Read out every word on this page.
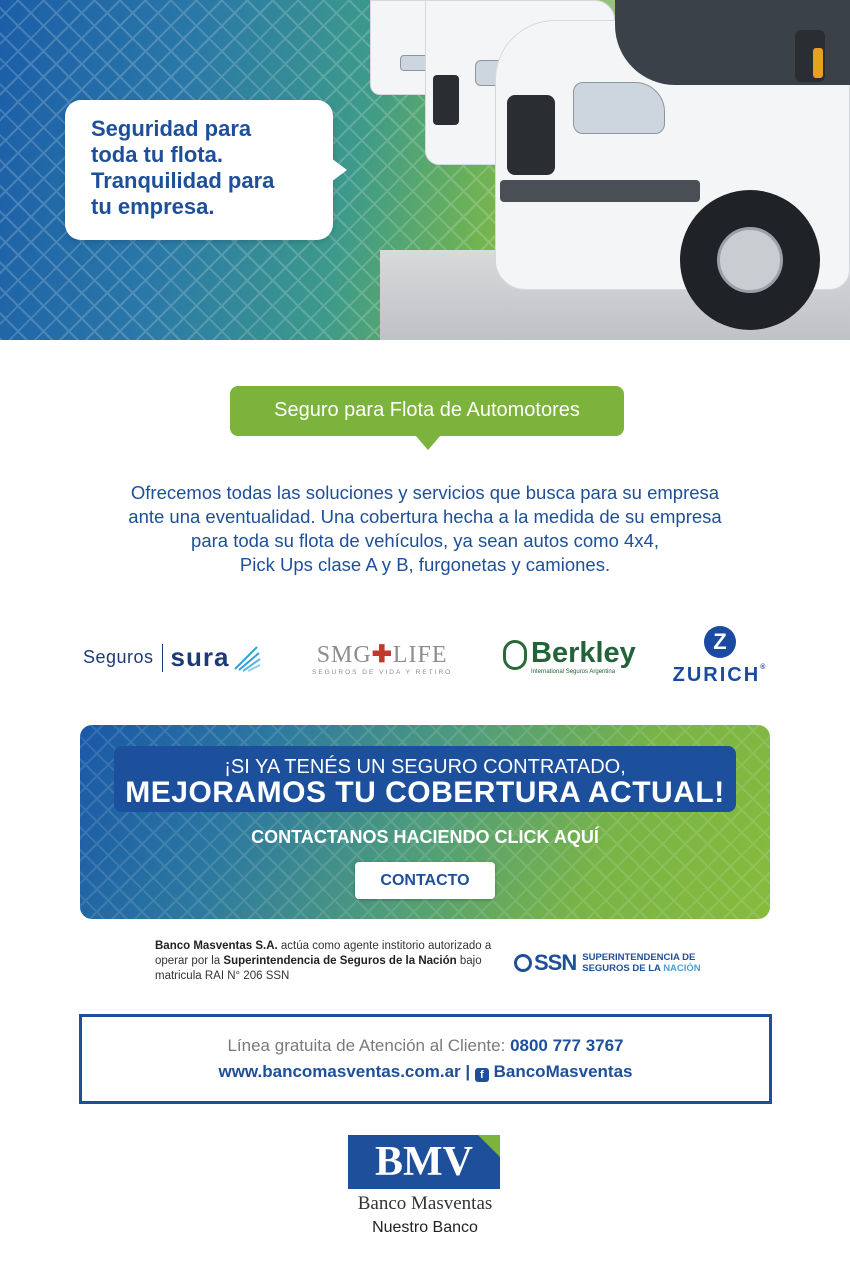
Seguridad para
toda tu flota.
Tranquilidad para
tu empresa.
Seguro para Flota de Automotores
Ofrecemos todas las soluciones y servicios que busca para su empresa
ante una eventualidad. Una cobertura hecha a la medida de su empresa
para toda su flota de vehículos, ya sean autos como 4x4,
Pick Ups clase A y B, furgonetas y camiones.
Seguros sura	SMG✚LIFE
SEGUROS DE VIDA Y RETIRO
Berkley
International Seguros Argentina
Z
ZURICH®
¡SI YA TENÉS UN SEGURO CONTRATADO,
MEJORAMOS TU COBERTURA ACTUAL!
CONTACTANOS HACIENDO CLICK AQUÍ
CONTACTO
Banco Masventas S.A. actúa como agente institorio autorizado a operar por la Superintendencia de Seguros de la Nación bajo matricula RAI N° 206 SSN
SSN SUPERINTENDENCIA DE
SEGUROS DE LA NACIÓN
Línea gratuita de Atención al Cliente: 0800 777 3767
www.bancomasventas.com.ar | f BancoMasventas
BMV
Banco Masventas
Nuestro Banco
